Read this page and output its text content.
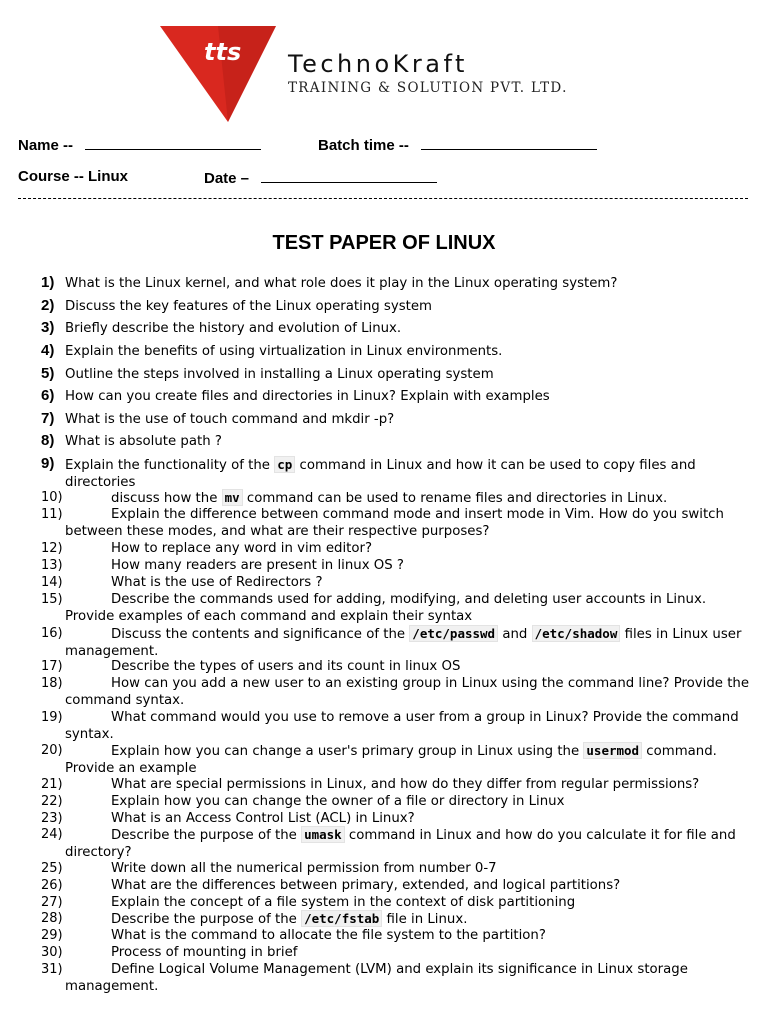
tts TechnoKraft
TRAINING & SOLUTION PVT. LTD.
Name --	Batch time --
Course -- Linux	Date –
TEST PAPER OF LINUX
1) What is the Linux kernel, and what role does it play in the Linux operating system?
2) Discuss the key features of the Linux operating system
3) Briefly describe the history and evolution of Linux.
4) Explain the benefits of using virtualization in Linux environments.
5) Outline the steps involved in installing a Linux operating system
6) How can you create files and directories in Linux? Explain with examples
7) What is the use of touch command and mkdir -p?
8) What is absolute path ?
9) Explain the functionality of the cp command in Linux and how it can be used to copy files and directories
10)	discuss how the mv command can be used to rename files and directories in Linux.
11)	Explain the difference between command mode and insert mode in Vim. How do you switch between these modes, and what are their respective purposes?
12)	How to replace any word in vim editor?
13)	How many readers are present in linux OS ?
14)	What is the use of Redirectors ?
15)	Describe the commands used for adding, modifying, and deleting user accounts in Linux. Provide examples of each command and explain their syntax
16)	Discuss the contents and significance of the /etc/passwd and /etc/shadow files in Linux user management.
17)	Describe the types of users and its count in linux OS
18)	How can you add a new user to an existing group in Linux using the command line? Provide the command syntax.
19)	What command would you use to remove a user from a group in Linux? Provide the command syntax.
20)	Explain how you can change a user's primary group in Linux using the usermod command. Provide an example
21)	What are special permissions in Linux, and how do they differ from regular permissions?
22)	Explain how you can change the owner of a file or directory in Linux
23)	What is an Access Control List (ACL) in Linux?
24)	Describe the purpose of the umask command in Linux and how do you calculate it for file and directory?
25)	Write down all the numerical permission from number 0-7
26)	What are the differences between primary, extended, and logical partitions?
27)	Explain the concept of a file system in the context of disk partitioning
28)	Describe the purpose of the /etc/fstab file in Linux.
29)	What is the command to allocate the file system to the partition?
30)	Process of mounting in brief
31)	Define Logical Volume Management (LVM) and explain its significance in Linux storage management.
